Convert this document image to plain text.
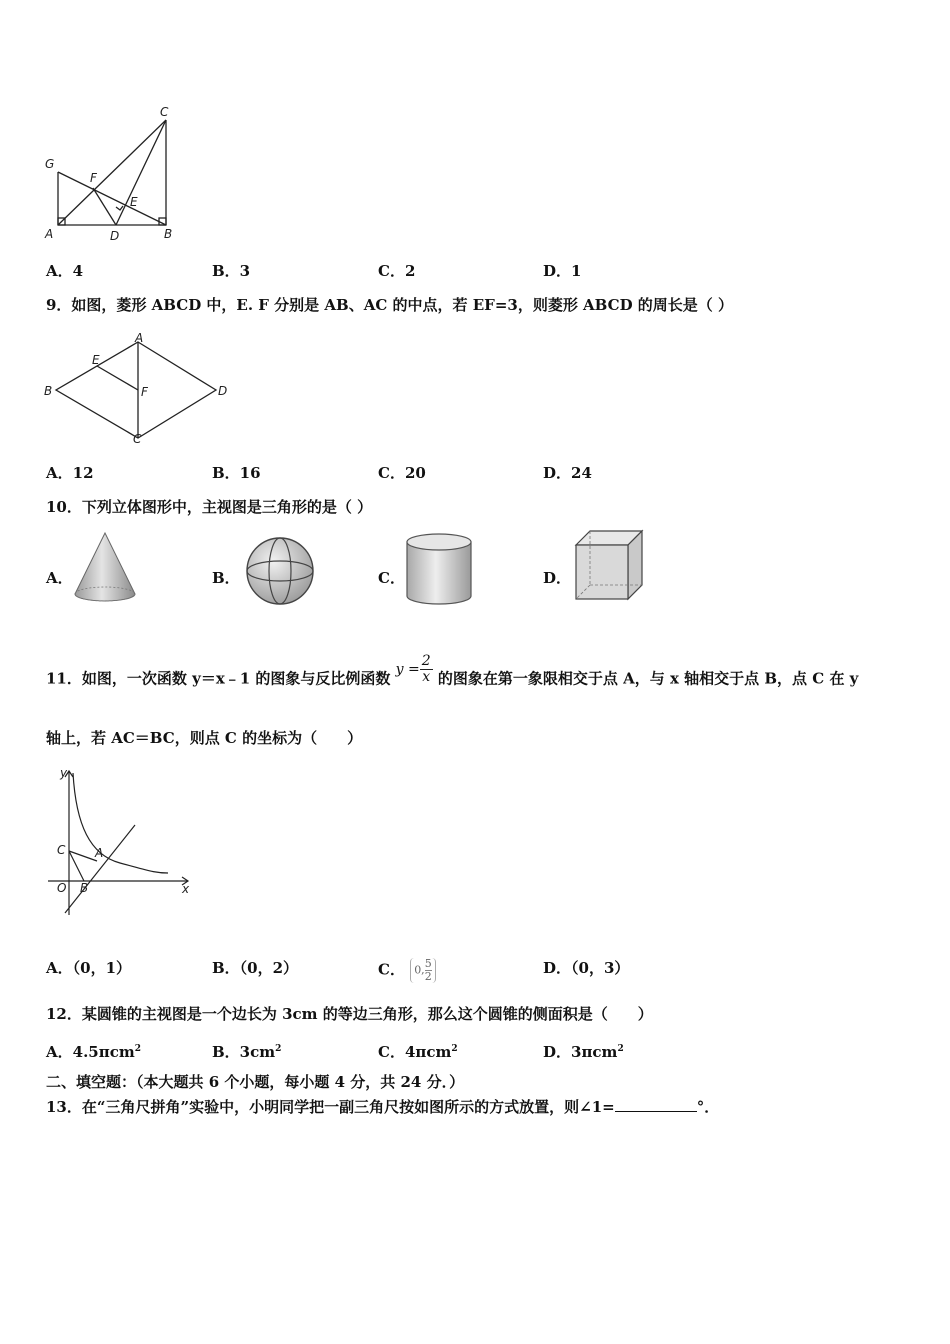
C
G
F
E
A	D	B
A．4	B．3	C．2	D．1
9．如图，菱形 ABCD 中，E. F 分别是 AB、AC 的中点，若 EF=3，则菱形 ABCD 的周长是（ ）
A
B
C
D
E
F
A．12	B．16	C．20	D．24
10．下列立体图形中，主视图是三角形的是（ ）
A．	B．	C．	D．
11．如图，一次函数 y＝x﹣1 的图象与反比例函数 $y = \frac{2}{x}$ 的图象在第一象限相交于点 A，与 x 轴相交于点 B，点 C 在 y
轴上，若 AC＝BC，则点 C 的坐标为（　　）
y
x
C A
O B
A．（0，1）	B．（0，2）	C． 0, $\frac{5}{2}$	D．（0，3）
12．某圆锥的主视图是一个边长为 3cm 的等边三角形，那么这个圆锥的侧面积是（　　）
A．4.5πcm$^2$	B．$3cm^2$	C．4πcm$^2$	D．3πcm$^2$
二、填空题：（本大题共 6 个小题，每小题 4 分，共 24 分．）
13．在“三角尺拼角”实验中，小明同学把一副三角尺按如图所示的方式放置，则∠1=	°．
